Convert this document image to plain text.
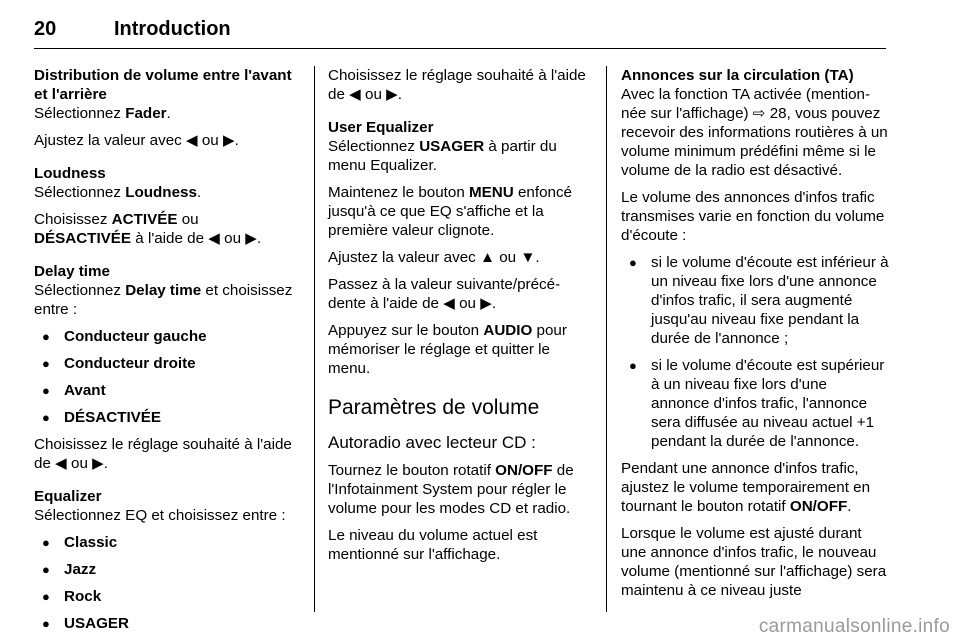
20	Introduction

Distribution de volume entre l'avant et l'arrière

Sélectionnez Fader.

Ajustez la valeur avec ◀ ou ▶.

Loudness

Sélectionnez Loudness.

Choisissez ACTIVÉE ou
DÉSACTIVÉE à l'aide de ◀ ou ▶.

Delay time

Sélectionnez Delay time et choisissez entre :

● Conducteur gauche
● Conducteur droite
● Avant
● DÉSACTIVÉE

Choisissez le réglage souhaité à l'aide de ◀ ou ▶.

Equalizer

Sélectionnez EQ et choisissez entre :

● Classic
● Jazz
● Rock
● USAGER

Choisissez le réglage souhaité à l'aide de ◀ ou ▶.

User Equalizer

Sélectionnez USAGER à partir du menu Equalizer.

Maintenez le bouton MENU enfoncé jusqu'à ce que EQ s'affiche et la première valeur clignote.

Ajustez la valeur avec ▲ ou ▼.

Passez à la valeur suivante/précédente à l'aide de ◀ ou ▶.

Appuyez sur le bouton AUDIO pour mémoriser le réglage et quitter le menu.

Paramètres de volume
Autoradio avec lecteur CD :

Tournez le bouton rotatif ON/OFF de l'Infotainment System pour régler le volume pour les modes CD et radio.

Le niveau du volume actuel est mentionné sur l'affichage.

Annonces sur la circulation (TA)

Avec la fonction TA activée (mentionnée sur l'affichage) ⇨ 28, vous pouvez recevoir des informations routières à un volume minimum prédéfini même si le volume de la radio est désactivé.

Le volume des annonces d'infos trafic transmises varie en fonction du volume d'écoute :

● si le volume d'écoute est inférieur à un niveau fixe lors d'une annonce d'infos trafic, il sera augmenté jusqu'au niveau fixe pendant la durée de l'annonce ;
● si le volume d'écoute est supérieur à un niveau fixe lors d'une annonce d'infos trafic, l'annonce sera diffusée au niveau actuel +1 pendant la durée de l'annonce.

Pendant une annonce d'infos trafic, ajustez le volume temporairement en tournant le bouton rotatif ON/OFF.

Lorsque le volume est ajusté durant une annonce d'infos trafic, le nouveau volume (mentionné sur l'affichage) sera maintenu à ce niveau juste

carmanualsonline.info
